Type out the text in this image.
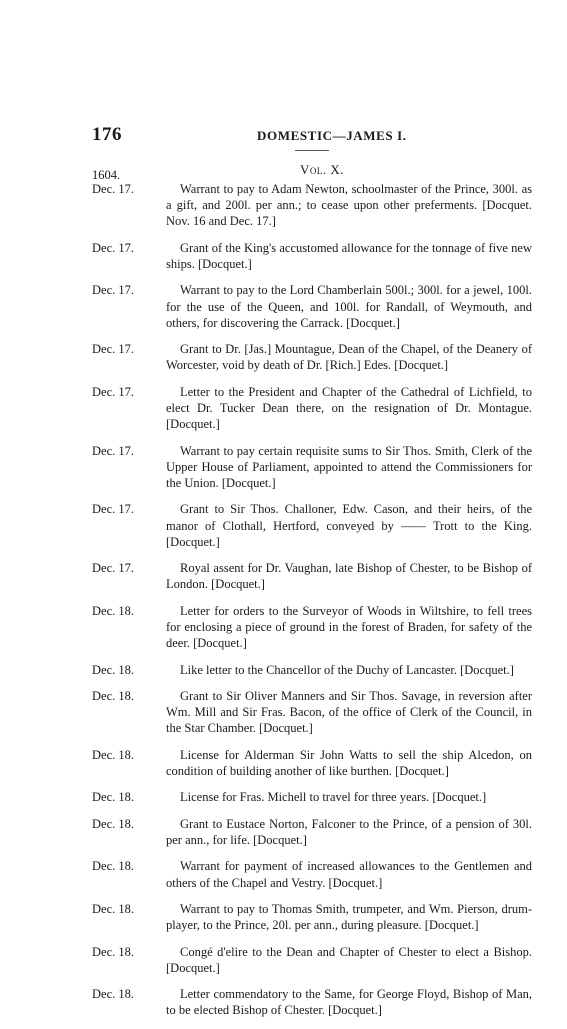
176	DOMESTIC—JAMES I.
Vol. X.
1604.
Dec. 17.	Warrant to pay to Adam Newton, schoolmaster of the Prince, 300l. as a gift, and 200l. per ann.; to cease upon other preferments. [Docquet. Nov. 16 and Dec. 17.]
Dec. 17.	Grant of the King's accustomed allowance for the tonnage of five new ships. [Docquet.]
Dec. 17.	Warrant to pay to the Lord Chamberlain 500l.; 300l. for a jewel, 100l. for the use of the Queen, and 100l. for Randall, of Weymouth, and others, for discovering the Carrack. [Docquet.]
Dec. 17.	Grant to Dr. [Jas.] Mountague, Dean of the Chapel, of the Deanery of Worcester, void by death of Dr. [Rich.] Edes. [Docquet.]
Dec. 17.	Letter to the President and Chapter of the Cathedral of Lichfield, to elect Dr. Tucker Dean there, on the resignation of Dr. Montague. [Docquet.]
Dec. 17.	Warrant to pay certain requisite sums to Sir Thos. Smith, Clerk of the Upper House of Parliament, appointed to attend the Commissioners for the Union. [Docquet.]
Dec. 17.	Grant to Sir Thos. Challoner, Edw. Cason, and their heirs, of the manor of Clothall, Hertford, conveyed by —— Trott to the King. [Docquet.]
Dec. 17.	Royal assent for Dr. Vaughan, late Bishop of Chester, to be Bishop of London. [Docquet.]
Dec. 18.	Letter for orders to the Surveyor of Woods in Wiltshire, to fell trees for enclosing a piece of ground in the forest of Braden, for safety of the deer. [Docquet.]
Dec. 18.	Like letter to the Chancellor of the Duchy of Lancaster. [Docquet.]
Dec. 18.	Grant to Sir Oliver Manners and Sir Thos. Savage, in reversion after Wm. Mill and Sir Fras. Bacon, of the office of Clerk of the Council, in the Star Chamber. [Docquet.]
Dec. 18.	License for Alderman Sir John Watts to sell the ship Alcedon, on condition of building another of like burthen. [Docquet.]
Dec. 18.	License for Fras. Michell to travel for three years. [Docquet.]
Dec. 18.	Grant to Eustace Norton, Falconer to the Prince, of a pension of 30l. per ann., for life. [Docquet.]
Dec. 18.	Warrant for payment of increased allowances to the Gentlemen and others of the Chapel and Vestry. [Docquet.]
Dec. 18.	Warrant to pay to Thomas Smith, trumpeter, and Wm. Pierson, drum-player, to the Prince, 20l. per ann., during pleasure. [Docquet.]
Dec. 18.	Congé d'elire to the Dean and Chapter of Chester to elect a Bishop. [Docquet.]
Dec. 18.	Letter commendatory to the Same, for George Floyd, Bishop of Man, to be elected Bishop of Chester. [Docquet.]
